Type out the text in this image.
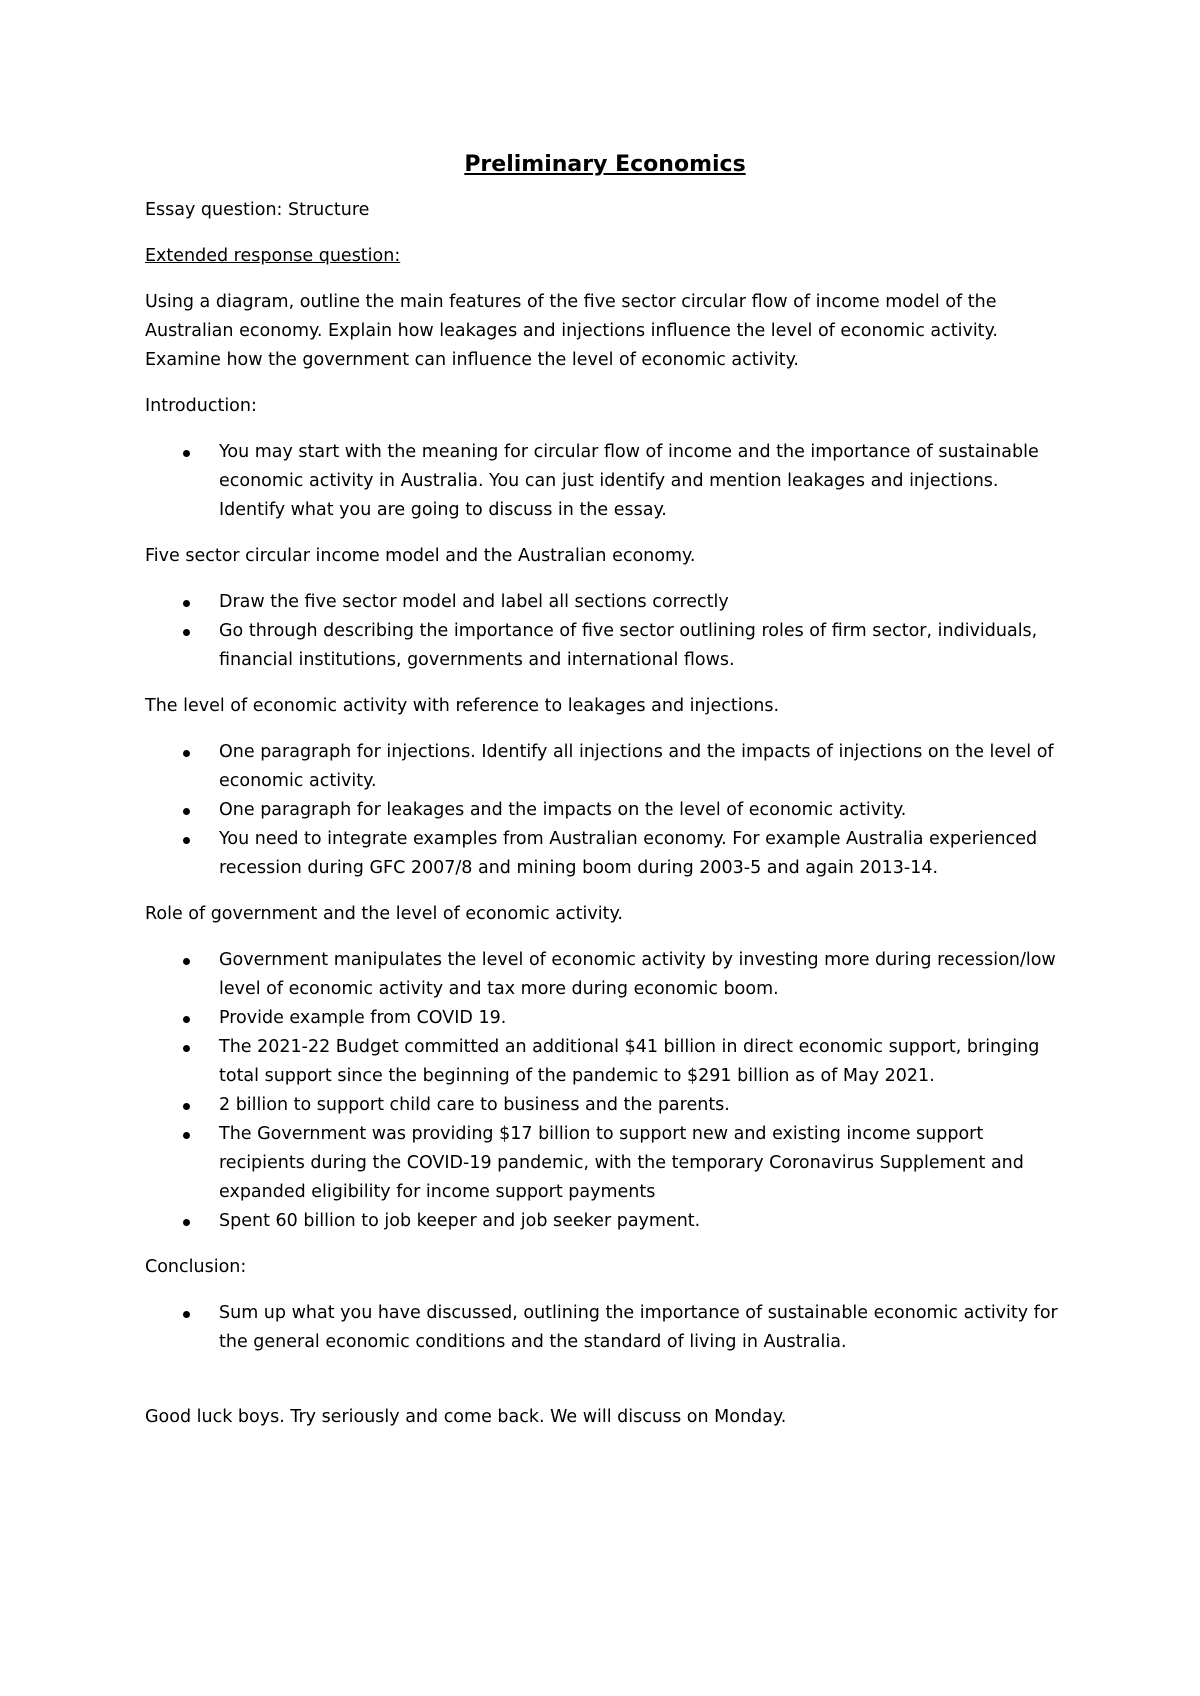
Preliminary Economics

Essay question: Structure

Extended response question:

Using a diagram, outline the main features of the five sector circular flow of income model of the Australian economy. Explain how leakages and injections influence the level of economic activity. Examine how the government can influence the level of economic activity.

Introduction:

You may start with the meaning for circular flow of income and the importance of sustainable economic activity in Australia. You can just identify and mention leakages and injections. Identify what you are going to discuss in the essay.

Five sector circular income model and the Australian economy.

Draw the five sector model and label all sections correctly
Go through describing the importance of five sector outlining roles of firm sector, individuals, financial institutions, governments and international flows.

The level of economic activity with reference to leakages and injections.

One paragraph for injections. Identify all injections and the impacts of injections on the level of economic activity.
One paragraph for leakages and the impacts on the level of economic activity.
You need to integrate examples from Australian economy. For example Australia experienced recession during GFC 2007/8 and mining boom during 2003-5 and again 2013-14.

Role of government and the level of economic activity.

Government manipulates the level of economic activity by investing more during recession/low level of economic activity and tax more during economic boom.
Provide example from COVID 19.
The 2021-22 Budget committed an additional $41 billion in direct economic support, bringing total support since the beginning of the pandemic to $291 billion as of May 2021.
2 billion to support child care to business and the parents.
The Government was providing $17 billion to support new and existing income support recipients during the COVID-19 pandemic, with the temporary Coronavirus Supplement and expanded eligibility for income support payments
Spent 60 billion to job keeper and job seeker payment.

Conclusion:

Sum up what you have discussed, outlining the importance of sustainable economic activity for the general economic conditions and the standard of living in Australia.

Good luck boys. Try seriously and come back. We will discuss on Monday.
